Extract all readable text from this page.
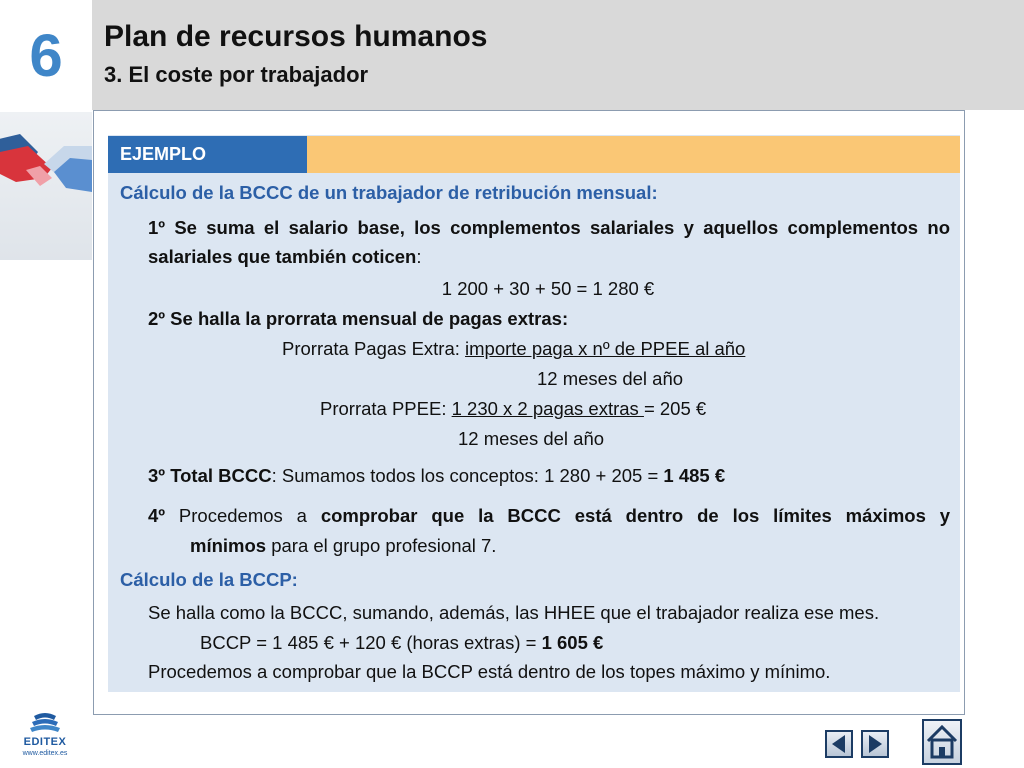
6	Plan de recursos humanos
3. El coste por trabajador
EJEMPLO
Cálculo de la BCCC de un trabajador de retribución mensual:
1º Se suma el salario base, los complementos salariales y aquellos complementos no
salariales que también coticen:
1 200 + 30 + 50 = 1 280 €
2º Se halla la prorrata mensual de pagas extras:
Prorrata Pagas Extra: importe paga x nº de PPEE al año
12 meses del año
Prorrata PPEE: 1 230 x 2 pagas extras = 205 €
12 meses del año
3º Total BCCC: Sumamos todos los conceptos: 1 280 + 205 = 1 485 €
4º Procedemos a comprobar que la BCCC está dentro de los límites máximos y
mínimos para el grupo profesional 7.
Cálculo de la BCCP:
Se halla como la BCCC, sumando, además, las HHEE que el trabajador realiza ese mes.
BCCP = 1 485 € + 120 € (horas extras) = 1 605 €
Procedemos a comprobar que la BCCP está dentro de los topes máximo y mínimo.
EDITEX
www.editex.es
